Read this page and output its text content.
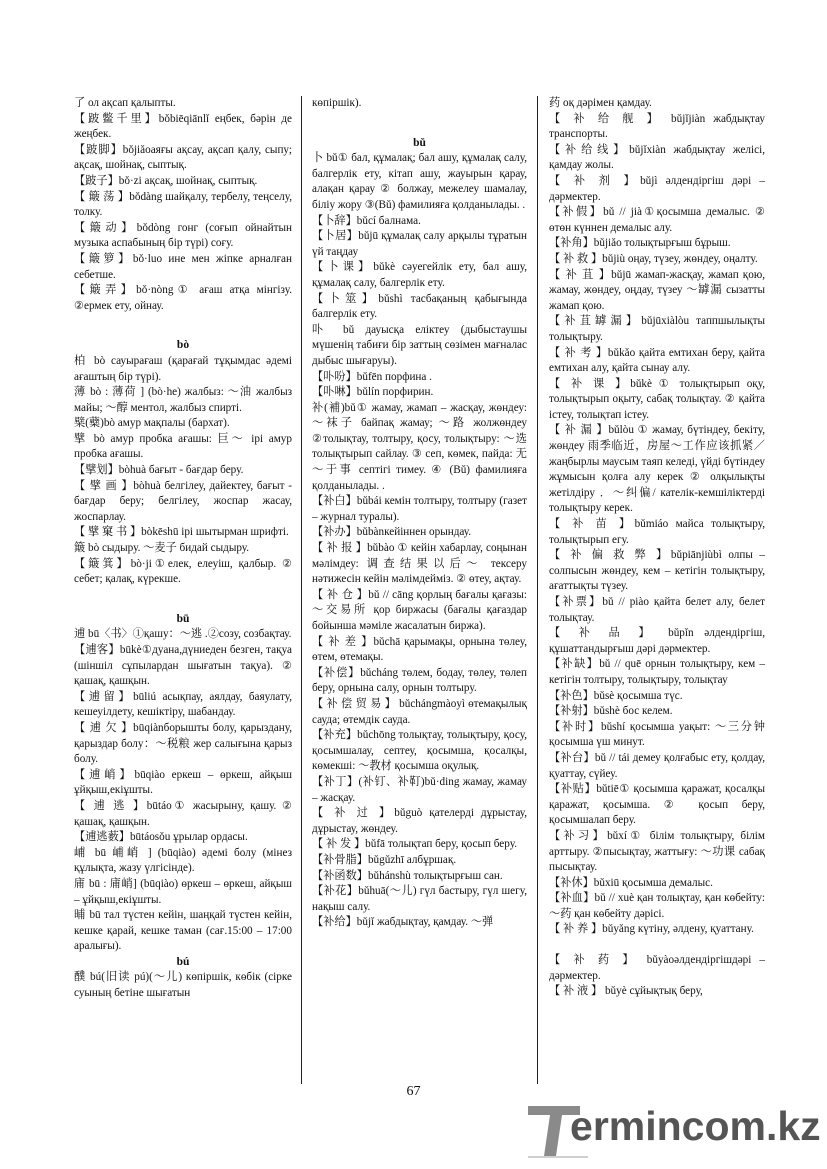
了 ол ақсап қалыпты.
【跛鳖千里】bǒbiēqiānlǐ еңбек, бәрін де жеңбек.
【跛脚】bǒjiǎoаяғы ақсау, ақсап қалу, сыпу; ақсақ, шойнақ, сыптық.
【跛子】bǒ·zi ақсақ, шойнақ, сыптық.
【 簸 荡 】bǒdàng шайқалу, тербелу, теңселу, толку.
【簸动】bǒdòng гонг (соғып ойнайтын музыка аспабының бір түрі) соғу.
【簸箩】bǒ·luo ине мен жіпке арналған себетше.
【簸弄】bǒ·nòng① ағаш атқа мінгізу. ②ермек ету, ойнау.
bò
柏 bò сауырағаш (қарағай тұқымдас әдемі ағаштың бір түрі).
薄 bò : 薄荷 ] (bò·he) жалбыз: ～油 жалбыз майы; ～醇 ментол, жалбыз спирті.
檗(蘗)bò амур мақпалы (бархат).
擘 bò амур пробка ағашы: 巨～ ірі амур пробка ағашы.
【擘划】bòhuà бағыт - бағдар беру.
【 擘 画 】bòhuà белгілеу, дайектеу, бағыт - бағдар беру; белгілеу, жоспар жасау, жоспарлау.
【 擘 窠 书 】bòkēshū ірі шытырман шрифті.
簸 bò сыдыру. ～麦子 бидай сыдыру.
【簸箕】bò·ji①елек, елеуіш, қалбыр. ② себет; қалақ, күрекше.
bū
逋 bū〈书〉①қашу：～逃 .②созу, созбақтау.
【逋客】būkè①дуана,дүниеден безген, тақуа (шіншіл сұпылардан шығатын тақуа). ② қашақ, қашқын.
【逋留】būliú асықпау, аялдау, баяулату, кешеуілдету, кешіктіру, шабандау.
【 逋 欠 】būqiànборышты болу, қарыздану, қарыздар болу：～税粮 жер салығына қарыз болу.
【逋峭】būqiào еркеш – өркеш, айқыш ұйқыш,екіұшты.
【 逋 逃 】būtáo① жасырыну, қашу. ② қашақ, қашқын.
【逋逃薮】būtáosǒu ұрылар ордасы.
峬 bū 峬峭 ] (būqiào) әдемі болу (мінез құлықта, жазу үлгісінде).
庯 bū : 庯峭] (būqiào) өркеш – өркеш, айқыш – ұйқыш,екіұшты.
晡 bū тал түстен кейін, шаңқай түстен кейін, кешке қарай, кешке таман (сағ.15:00 – 17:00 аралығы).
bú
醭 bú(旧读 pú)(～儿) көпіршік, көбік (сірке суының бетіне шығатын
көпіршік).
bǔ
卜 bǔ① бал, құмалақ; бал ашу, құмалақ салу, балгерлік ету, кітап ашу, жауырын қарау, алақан қарау ② болжау, межелеу шамалау, біліу жору ③(Bǔ) фамилияға қолданылады. .
【卜辞】bǔcí балнама.
【卜居】bǔjū құмалақ салу арқылы тұратын үй таңдау
【卜课】bǔkè сәуегейлік ету, бал ашу, құмалақ салу, балгерлік ету.
【卜筮】bǔshì тасбақаның қабығында балгерлік ету.
卟 bǔ дауысқа еліктеу (дыбыстаушы мүшенің табиғи бір заттың сөзімен мағналас дыбыс шығаруы).
【卟吩】bǔfēn порфина .
【卟啉】bǔlín порфирин.
补(補)bǔ① жамау, жамап – жасқау, жөндеу: ～袜子 байпақ жамау; ～路 жолжөндеу ②толықтау, толтыру, қосу, толықтыру: ～选 толықтырып сайлау. ③ сеп, көмек, пайда: 无～于事 септігі тимеу. ④ (Bǔ) фамилияға қолданылады. .
【补白】bǔbái кемін толтыру, толтыру (газет – журнал туралы).
【补办】bǔbànкейіннен орындау.
【 补 报 】bǔbào ① кейін хабарлау, соңынан мәлімдеу: 调查结果以后～ тексеру нәтижесін кейін мәлімдейміз. ② өтеу, ақтау.
【 补 仓 】bǔ // cāng қорлың бағалы қағазы: ～交易所 қор биржасы (бағалы қағаздар бойынша мәміле жасалатын биржа).
【 补 差 】bǔchā қарымақы, орнына төлеу, өтем, өтемақы.
【补偿】bǔcháng төлем, бодау, төлеу, төлеп беру, орнына салу, орнын толтыру.
【 补 偿 贸 易 】 bǔchángmàoyì өтемақылық сауда; өтемдік сауда.
【补充】bǔchōng толықтау, толықтыру, қосу, қосымшалау, септеу, қосымша, қосалқы, көмекші: ～教材 қосымша оқулық.
【补丁】(补钉、补靪)bǔ·ding жамау, жамау – жасқау.
【 补 过 】bǔguò қателерді дұрыстау, дұрыстау, жөндеу.
【 补 发 】bǔfā толықтап беру, қосып беру.
【补骨脂】bǔgǔzhī албұршақ.
【补函数】bǔhánshù толықтырғыш сан.
【补花】bǔhuā(～儿) гүл бастыру, гүл шегу, нақыш салу.
【补给】bǔjǐ жабдықтау, қамдау. ～弹
药 оқ дәрімен қамдау.
【 补 给 舰 】 bǔjǐjiàn жабдықтау транспорты.
【补给线】bǔjǐxiàn жабдықтау желісі, қамдау жолы.
【 补 剂 】bǔjì әлдендіргіш дәрі – дәрмектер.
【补假】bǔ // jià①қосымша демалыс. ② өтөн күннен демалыс алу.
【补角】bǔjiǎo толықтырғыш бұрыш.
【 补 救 】bǔjiù оңау, түзеу, жөндеу, оңалту.
【 补 苴 】bǔjū жамап-жасқау, жамап қою, жамау, жөндеу, оңдау, түзеу ～罅漏 сызатты жамап қою.
【补苴罅漏】bǔjūxiàlòu таппшылықты толықтыру.
【 补 考 】bǔkǎo қайта емтихан беру, қайта емтихан алу, қайта сынау алу.
【 补 课 】bǔkè ① толықтырып оқу, толықтырып оқыту, сабақ толықтау. ② қайта істеу, толықтап істеу.
【 补 漏 】bǔlòu ① жамау, бүтіндеу, бекіту, жөндеу 雨季临近，房屋～工作应该抓紧／жаңбырлы маусым таяп келеді, үйді бүтіндеу жұмысын қолға алу керек ② олқылықты жетілдіру ．～纠偏/ кателік-кемшіліктерді толықтыру керек.
【 补 苗 】bǔmiáo майса толықтыру, толықтырып егу.
【 补 偏 救 弊 】bǔpiānjiùbì олпы – солпысын жөндеу, кем – кетігін толықтыру, ағаттықты түзеу.
【补票】bǔ // piào қайта белет алу, белет толықтау.
【 补 品 】 bǔpǐn әлдендіргіш, құшаттандырғыш дәрі дәрмектер.
【补缺】bǔ // quē орнын толықтыру, кем – кетігін толтыру, толықтыру, толықтау
【补色】bǔsè қосымша түс.
【补射】bǔshè бос келем.
【补时】bǔshí қосымша уақыт: ～三分钟 қосымша үш минут.
【补台】bǔ // tái демеу қолғабыс ету, қолдау, қуаттау, сүйеу.
【补贴】bǔtiē① қосымша қаражат, қосалқы қаражат, қосымша. ② қосып беру, қосымшалап беру.
【补习】bǔxí① білім толықтыру, білім арттыру. ②пысықтау, жаттығу: ～功课 сабақ пысықтау.
【补休】bǔxiū қосымша демалыс.
【补血】bǔ // xuè қан толықтау, қан көбейту: ～药 қан көбейту дәрісі.
【 补 养 】bǔyǎng күтіну, әлдену, қуаттану.
【 补 药 】 bǔyàoәлдендіргішдәрі – дәрмектер.
【 补 液 】 bǔyè сұйықтық беру,
67
ermincom.kz
